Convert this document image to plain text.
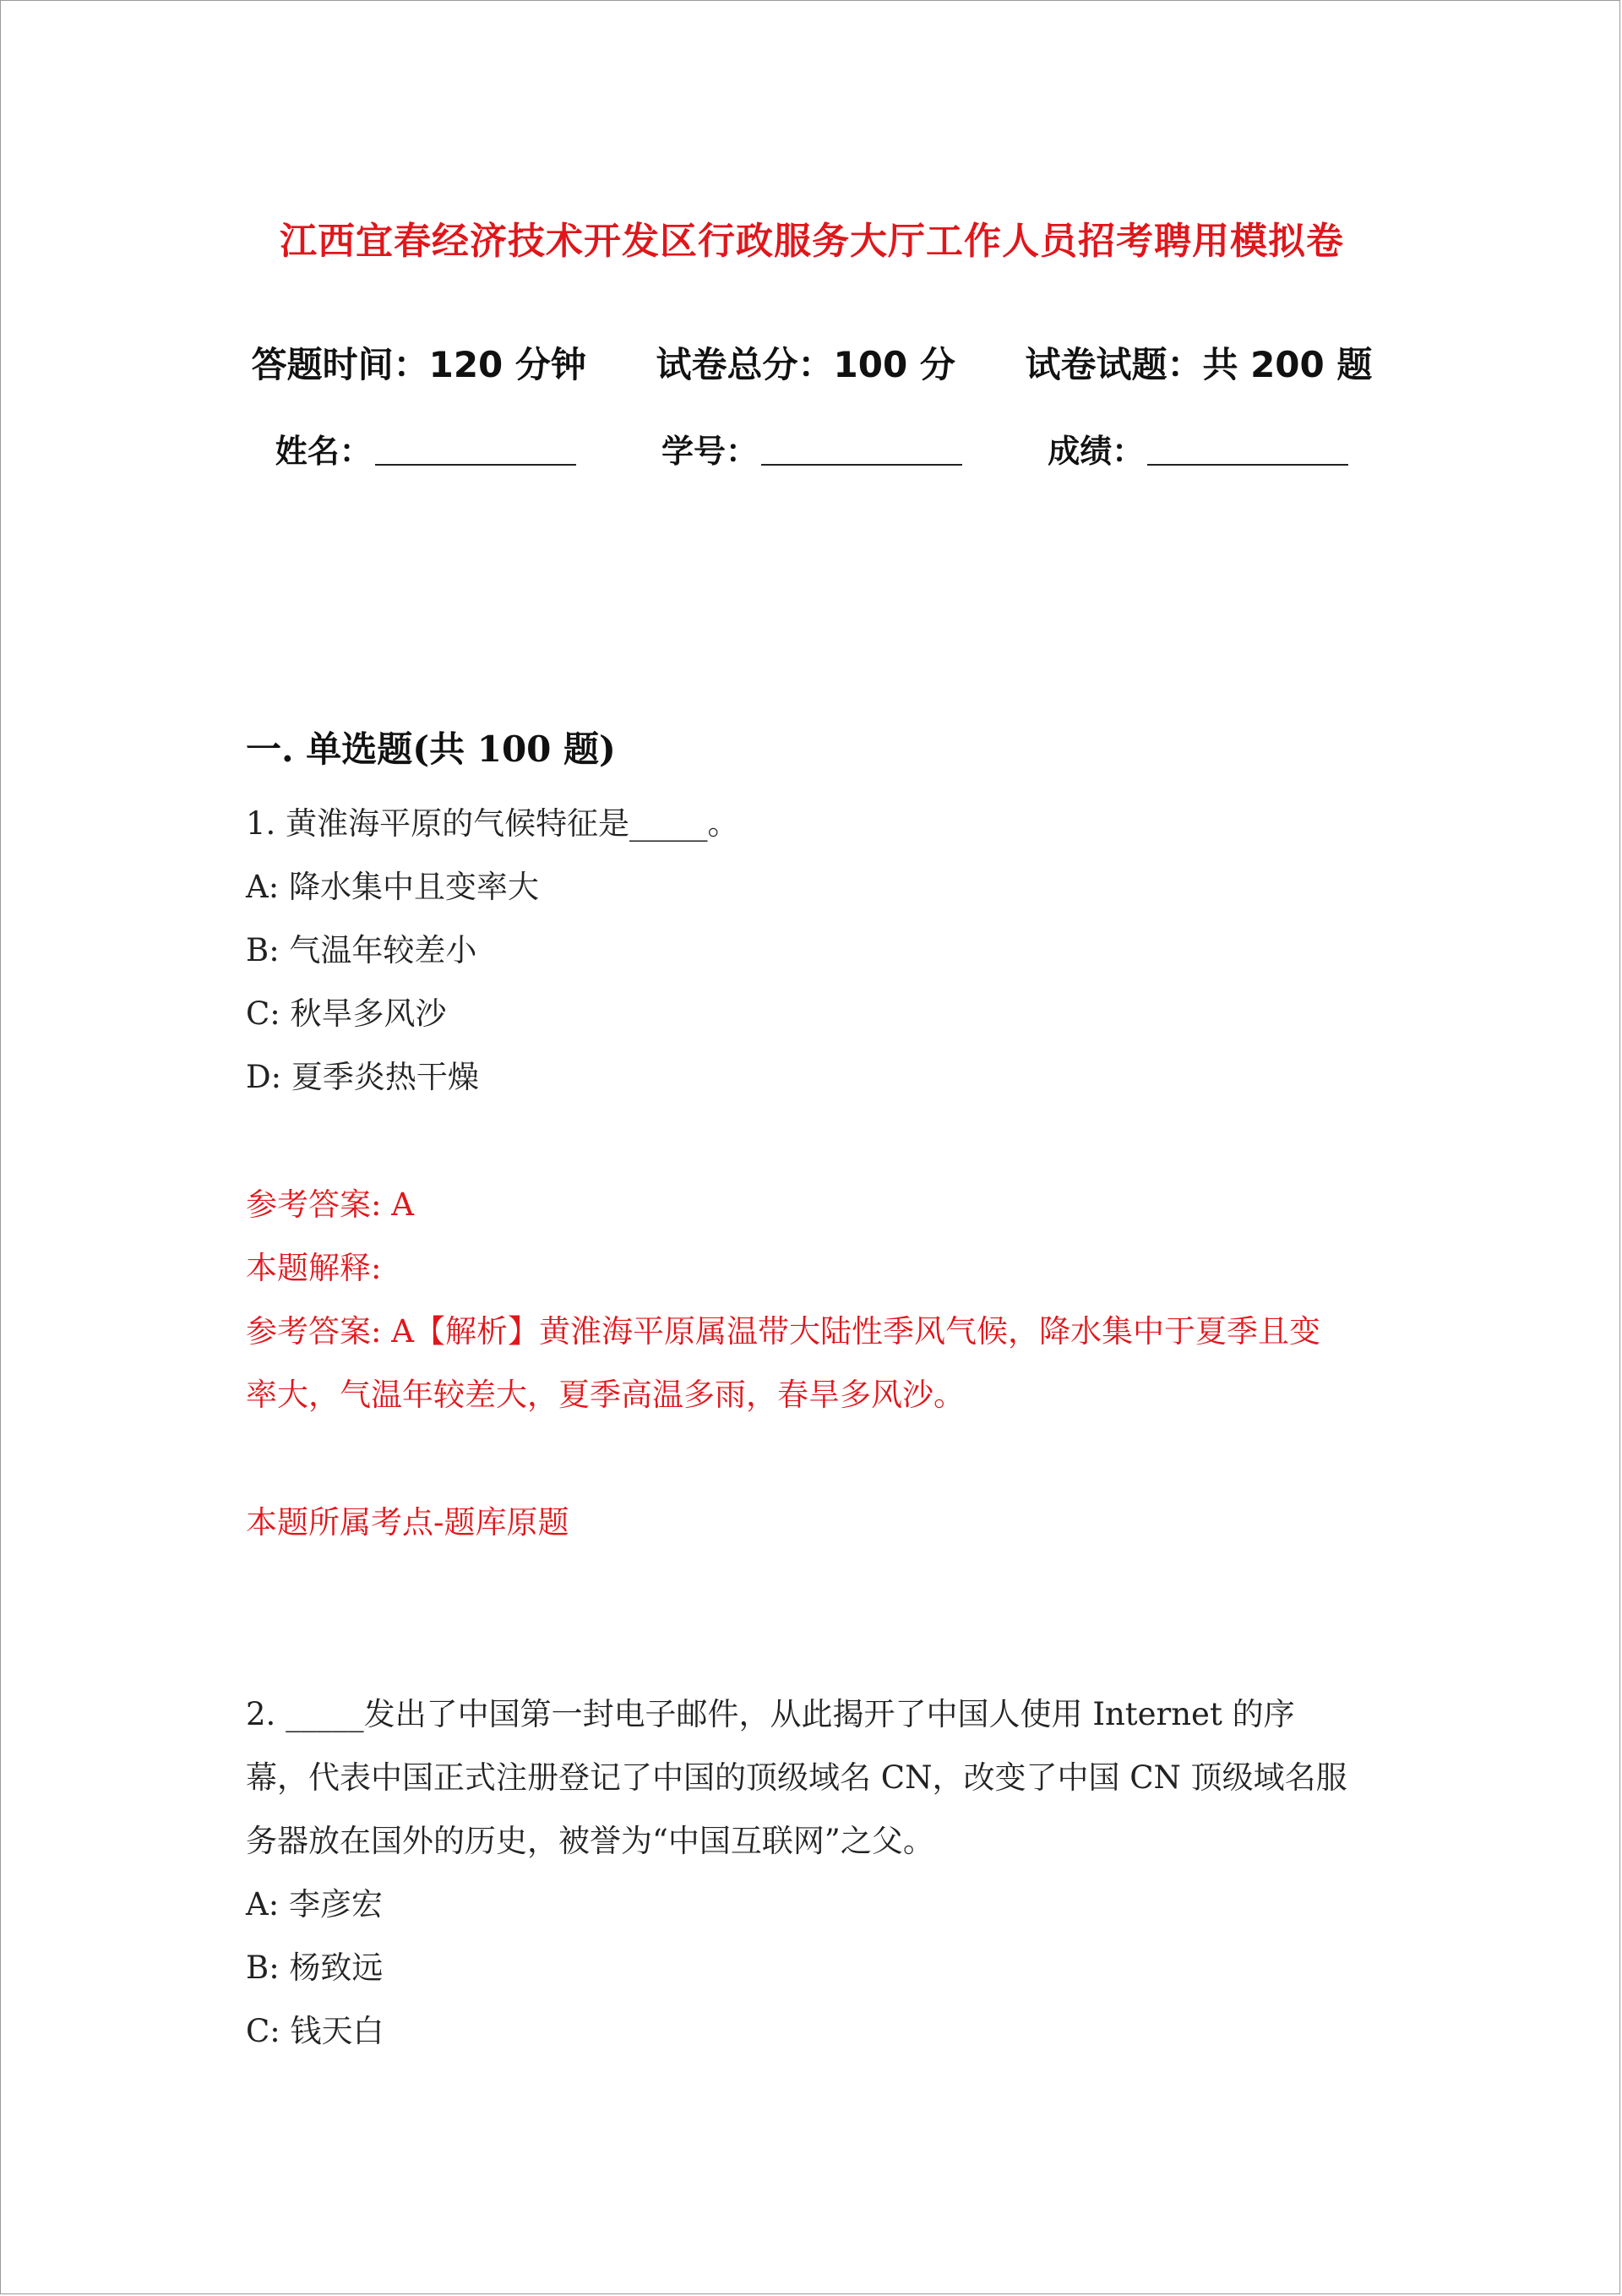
江西宜春经济技术开发区行政服务大厅工作人员招考聘用模拟卷
答题时间：120 分钟 试卷总分：100 分 试卷试题：共 200 题
姓名：	学号：	成绩：
一. 单选题(共 100 题)

1. 黄淮海平原的气候特征是_____。

A: 降水集中且变率大

B: 气温年较差小

C: 秋旱多风沙

D: 夏季炎热干燥

参考答案: A

本题解释:

参考答案: A【解析】黄淮海平原属温带大陆性季风气候，降水集中于夏季且变

率大，气温年较差大，夏季高温多雨，春旱多风沙。

本题所属考点-题库原题

2. _____发出了中国第一封电子邮件，从此揭开了中国人使用 Internet 的序

幕，代表中国正式注册登记了中国的顶级域名 CN，改变了中国 CN 顶级域名服

务器放在国外的历史，被誉为“中国互联网”之父。

A: 李彦宏

B: 杨致远

C: 钱天白
